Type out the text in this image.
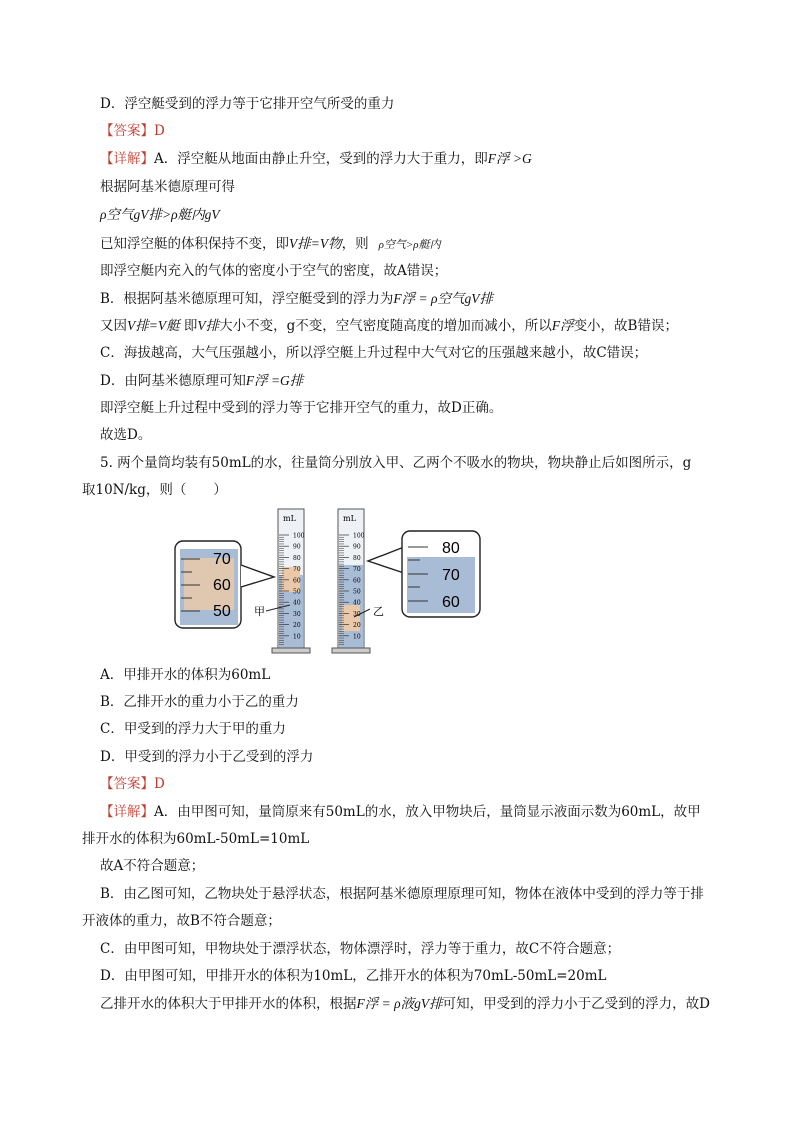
D．浮空艇受到的浮力等于它排开空气所受的重力
【答案】D
【详解】A．浮空艇从地面由静止升空，受到的浮力大于重力，即F浮 >G
根据阿基米德原理可得
ρ空气gV排>ρ艇内gV
已知浮空艇的体积保持不变，即V排=V物，则 ρ空气>ρ艇内
即浮空艇内充入的气体的密度小于空气的密度，故A错误；
B．根据阿基米德原理可知，浮空艇受到的浮力为F浮 = ρ空气gV排
又因V排=V艇 即V排大小不变，g不变，空气密度随高度的增加而减小，所以F浮变小，故B错误；
C．海拔越高，大气压强越小，所以浮空艇上升过程中大气对它的压强越来越小，故C错误；
D．由阿基米德原理可知F浮 =G排
即浮空艇上升过程中受到的浮力等于它排开空气的重力，故D正确。
故选D。
5. 两个量筒均装有50mL的水，往量筒分别放入甲、乙两个不吸水的物块，物块静止后如图所示，g
取10N/kg，则（　　）
70
60
50
mL
甲
mL
乙
80
70
60
100
90
80
70
60
50
40
30
20
10
100
90
80
70
60
50
40
30
20
10
A．甲排开水的体积为60mL
B．乙排开水的重力小于乙的重力
C．甲受到的浮力大于甲的重力
D．甲受到的浮力小于乙受到的浮力
【答案】D
【详解】A．由甲图可知，量筒原来有50mL的水，放入甲物块后，量筒显示液面示数为60mL，故甲
排开水的体积为60mL-50mL=10mL
故A不符合题意；
B．由乙图可知，乙物块处于悬浮状态，根据阿基米德原理原理可知，物体在液体中受到的浮力等于排
开液体的重力，故B不符合题意；
C．由甲图可知，甲物块处于漂浮状态，物体漂浮时，浮力等于重力，故C不符合题意；
D．由甲图可知，甲排开水的体积为10mL，乙排开水的体积为70mL-50mL=20mL
乙排开水的体积大于甲排开水的体积，根据F浮 = ρ液gV排可知，甲受到的浮力小于乙受到的浮力，故D
